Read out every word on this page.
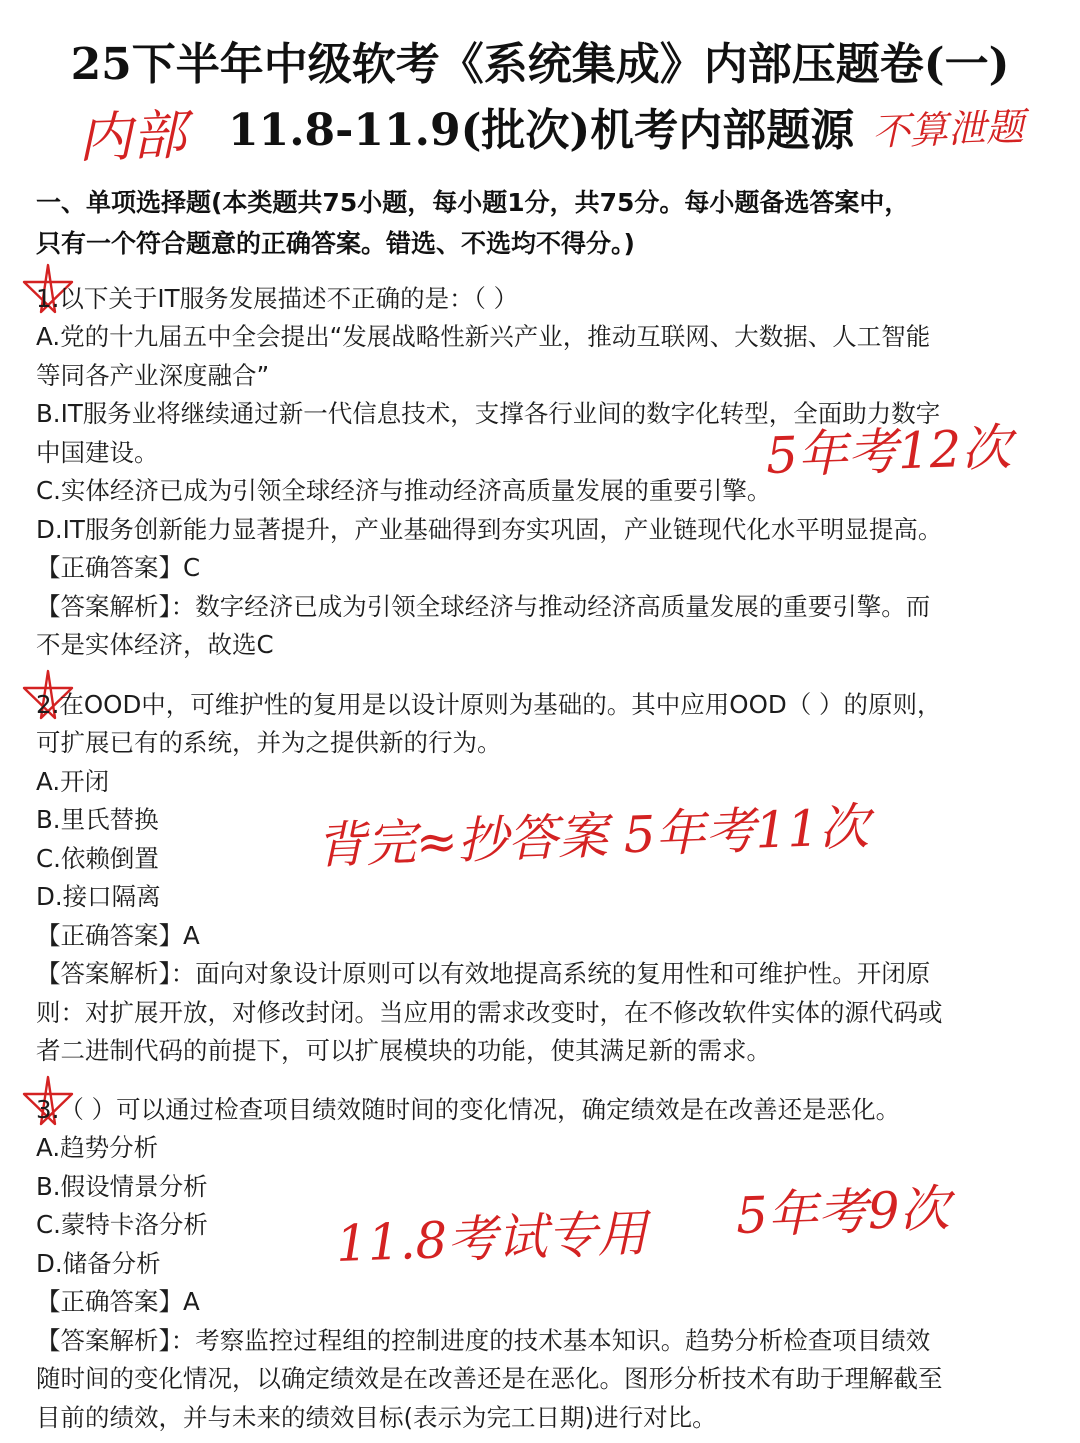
25下半年中级软考《系统集成》内部压题卷(一)
内部 11.8-11.9(批次)机考内部题源 不算泄题
一、单项选择题(本类题共75小题，每小题1分，共75分。每小题备选答案中，
只有一个符合题意的正确答案。错选、不选均不得分。)
1.以下关于IT服务发展描述不正确的是：（ ）
A.党的十九届五中全会提出“发展战略性新兴产业，推动互联网、大数据、人工智能
等同各产业深度融合”
B.IT服务业将继续通过新一代信息技术，支撑各行业间的数字化转型，全面助力数字
中国建设。
C.实体经济已成为引领全球经济与推动经济高质量发展的重要引擎。
D.IT服务创新能力显著提升，产业基础得到夯实巩固，产业链现代化水平明显提高。
【正确答案】C
【答案解析】：数字经济已成为引领全球经济与推动经济高质量发展的重要引擎。而
不是实体经济，故选C
5年考12次
2.在OOD中，可维护性的复用是以设计原则为基础的。其中应用OOD（ ）的原则，
可扩展已有的系统，并为之提供新的行为。
A.开闭
B.里氏替换
C.依赖倒置
D.接口隔离
【正确答案】A
【答案解析】：面向对象设计原则可以有效地提高系统的复用性和可维护性。开闭原
则：对扩展开放，对修改封闭。当应用的需求改变时，在不修改软件实体的源代码或
者二进制代码的前提下，可以扩展模块的功能，使其满足新的需求。
背完≈抄答案 5年考11次
3.（ ）可以通过检查项目绩效随时间的变化情况，确定绩效是在改善还是恶化。
A.趋势分析
B.假设情景分析
C.蒙特卡洛分析
D.储备分析
【正确答案】A
【答案解析】：考察监控过程组的控制进度的技术基本知识。趋势分析检查项目绩效
随时间的变化情况，以确定绩效是在改善还是在恶化。图形分析技术有助于理解截至
目前的绩效，并与未来的绩效目标(表示为完工日期)进行对比。
11.8考试专用 5年考9次
